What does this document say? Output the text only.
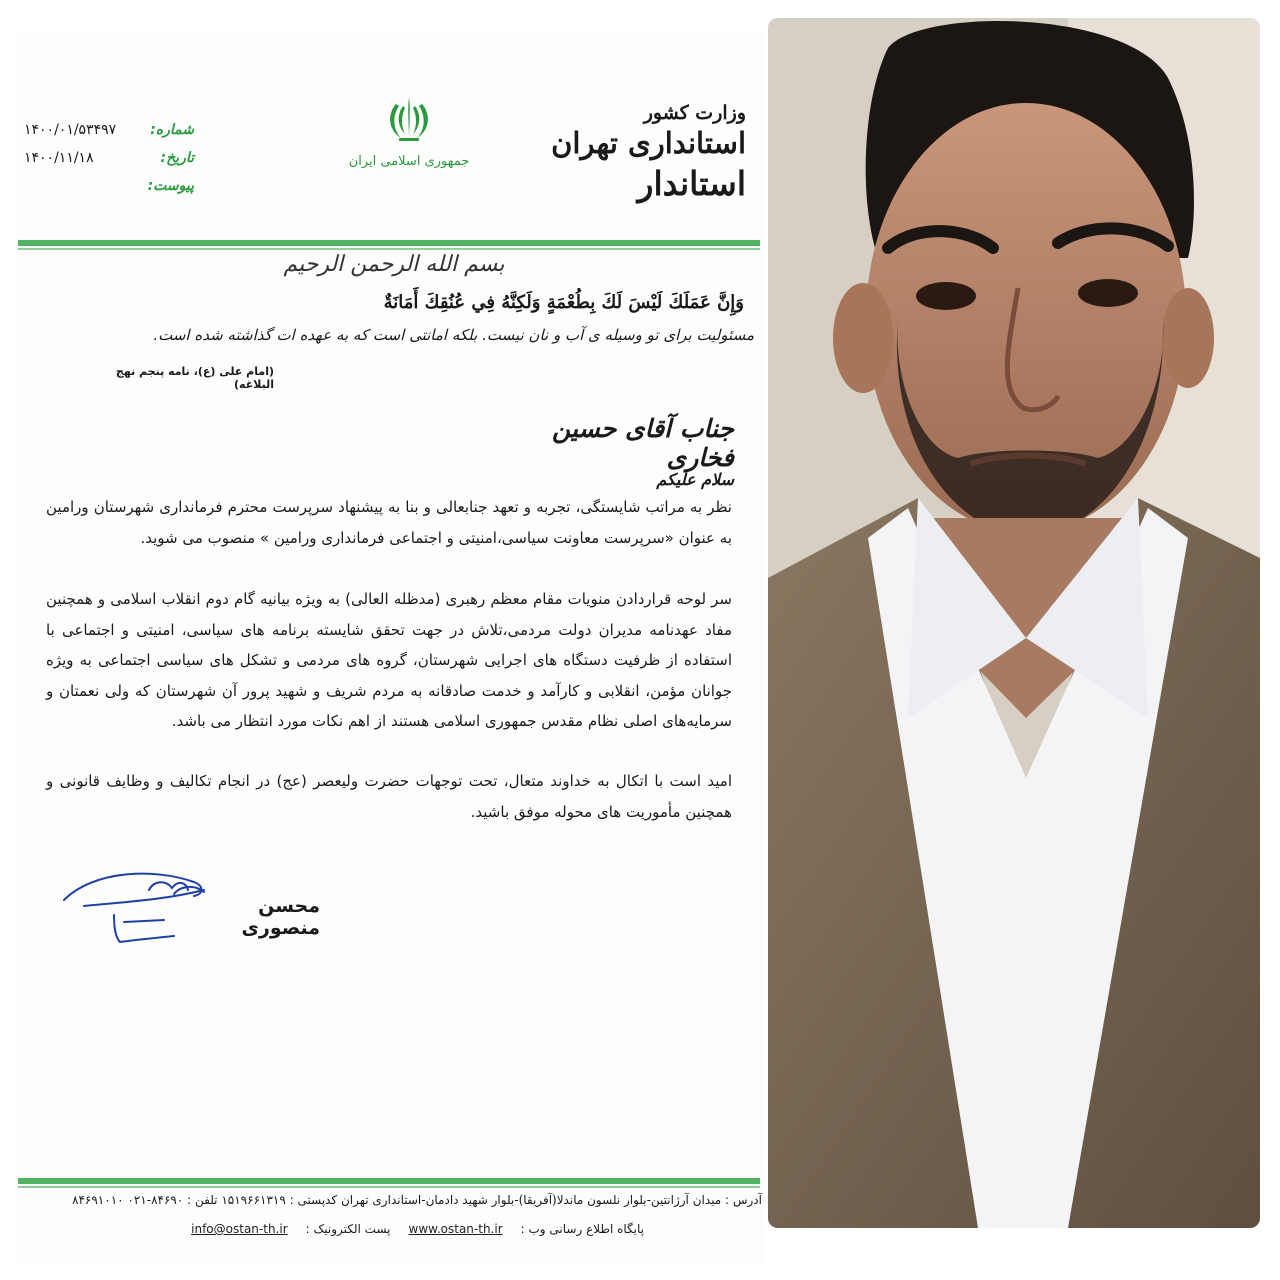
وزارت کشور
استانداری تهران
استاندار
جمهوری اسلامی ایران
شماره:
۱۴۰۰/۰۱/۵۳۴۹۷
تاریخ:
۱۴۰۰/۱۱/۱۸
پیوست:
بسم الله الرحمن الرحیم
وَإِنَّ عَمَلَكَ لَيْسَ لَكَ بِطُعْمَةٍ وَلَكِنَّهُ فِي عُنُقِكَ أَمَانَةٌ
مسئولیت برای تو وسیله ی آب و نان نیست. بلکه امانتی است که به عهده ات گذاشته شده است.
(امام علی (ع)، نامه پنجم نهج البلاغه)
جناب آقای حسین فخاری
سلام علیکم
نظر به مراتب شایستگی، تجربه و تعهد جنابعالی و بنا به پیشنهاد سرپرست محترم فرمانداری شهرستان ورامین به عنوان «سرپرست معاونت سیاسی،امنیتی و اجتماعی فرمانداری ورامین » منصوب می شوید.
سر لوحه قراردادن منویات مقام معظم رهبری (مدظله العالی) به ویژه بیانیه گام دوم انقلاب اسلامی و همچنین مفاد عهدنامه مدیران دولت مردمی،تلاش در جهت تحقق شایسته برنامه های سیاسی، امنیتی و اجتماعی با استفاده از ظرفیت دستگاه های اجرایی شهرستان، گروه های مردمی و تشکل های سیاسی اجتماعی به ویژه جوانان مؤمن، انقلابی و کارآمد و خدمت صادقانه به مردم شریف و شهید پرور آن شهرستان که ولی نعمتان و سرمایه‌های اصلی نظام مقدس جمهوری اسلامی هستند از اهم نکات مورد انتظار می باشد.
امید است با اتکال به خداوند متعال، تحت توجهات حضرت ولیعصر (عج) در انجام تکالیف و وظایف قانونی و همچنین مأموریت های محوله موفق باشید.
محسن منصوری
آدرس : میدان آرژانتین-بلوار نلسون ماندلا(آفریقا)-بلوار شهید دادمان-استانداری تهران کدپستی : ۱۵۱۹۶۶۱۳۱۹ تلفن : ۸۴۶۹۰-۰۲۱ ۸۴۶۹۱۰۱۰
پایگاه اطلاع رسانی وب :
www.ostan-th.ir
پست الکترونیک :
info@ostan-th.ir
